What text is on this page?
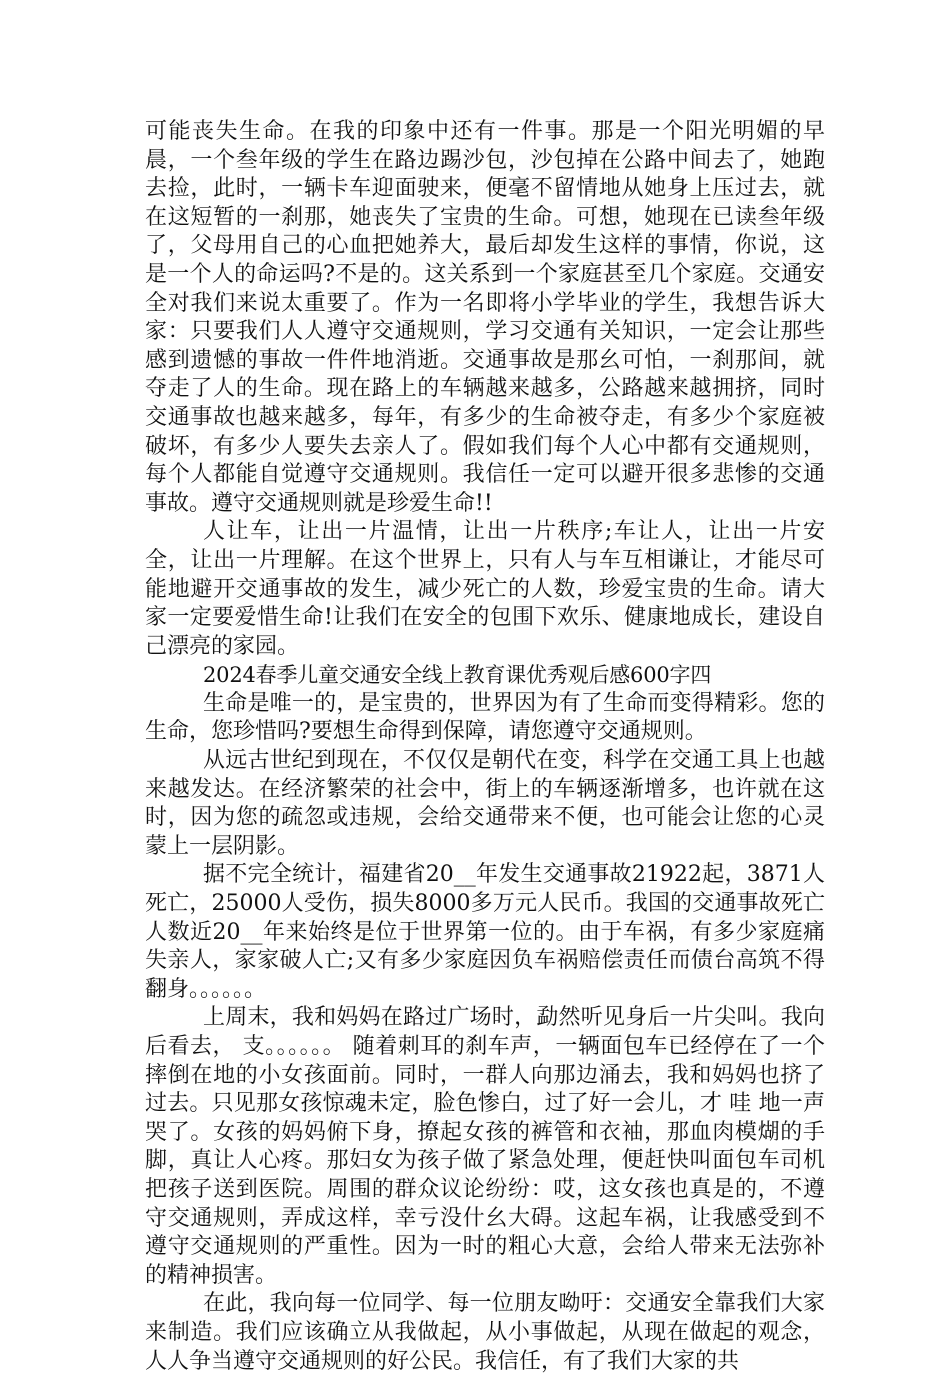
可能丧失生命。在我的印象中还有一件事。那是一个阳光明媚的早晨，一个叁年级的学生在路边踢沙包，沙包掉在公路中间去了，她跑去捡，此时，一辆卡车迎面驶来，便毫不留情地从她身上压过去，就在这短暂的一刹那，她丧失了宝贵的生命。可想，她现在已读叁年级了，父母用自己的心血把她养大，最后却发生这样的事情，你说，这是一个人的命运吗?不是的。这关系到一个家庭甚至几个家庭。交通安全对我们来说太重要了。作为一名即将小学毕业的学生，我想告诉大家：只要我们人人遵守交通规则，学习交通有关知识，一定会让那些感到遗憾的事故一件件地消逝。交通事故是那幺可怕，一刹那间，就夺走了人的生命。现在路上的车辆越来越多，公路越来越拥挤，同时交通事故也越来越多，每年，有多少的生命被夺走，有多少个家庭被破坏，有多少人要失去亲人了。假如我们每个人心中都有交通规则，每个人都能自觉遵守交通规则。我信任一定可以避开很多悲惨的交通事故。遵守交通规则就是珍爱生命!!

人让车，让出一片温情，让出一片秩序;车让人，让出一片安全，让出一片理解。在这个世界上，只有人与车互相谦让，才能尽可能地避开交通事故的发生，减少死亡的人数，珍爱宝贵的生命。请大家一定要爱惜生命!让我们在安全的包围下欢乐、健康地成长，建设自己漂亮的家园。

2024春季儿童交通安全线上教育课优秀观后感600字四

生命是唯一的，是宝贵的，世界因为有了生命而变得精彩。您的生命，您珍惜吗?要想生命得到保障，请您遵守交通规则。

从远古世纪到现在，不仅仅是朝代在变，科学在交通工具上也越来越发达。在经济繁荣的社会中，街上的车辆逐渐增多，也许就在这时，因为您的疏忽或违规，会给交通带来不便，也可能会让您的心灵蒙上一层阴影。

据不完全统计，福建省20__年发生交通事故21922起，3871人死亡，25000人受伤，损失8000多万元人民币。我国的交通事故死亡人数近20__年来始终是位于世界第一位的。由于车祸，有多少家庭痛失亲人，家家破人亡;又有多少家庭因负车祸赔偿责任而债台高筑不得翻身。。。。。。

上周末，我和妈妈在路过广场时，勐然听见身后一片尖叫。我向后看去， 支。。。。。。 随着刺耳的刹车声，一辆面包车已经停在了一个摔倒在地的小女孩面前。同时，一群人向那边涌去，我和妈妈也挤了过去。只见那女孩惊魂未定，脸色惨白，过了好一会儿，才 哇 地一声哭了。女孩的妈妈俯下身，撩起女孩的裤管和衣袖，那血肉模煳的手脚，真让人心疼。那妇女为孩子做了紧急处理，便赶快叫面包车司机把孩子送到医院。周围的群众议论纷纷：哎，这女孩也真是的，不遵守交通规则，弄成这样，幸亏没什幺大碍。这起车祸，让我感受到不遵守交通规则的严重性。因为一时的粗心大意，会给人带来无法弥补的精神损害。

在此，我向每一位同学、每一位朋友呦吁：交通安全靠我们大家来制造。我们应该确立从我做起，从小事做起，从现在做起的观念，人人争当遵守交通规则的好公民。我信任，有了我们大家的共
